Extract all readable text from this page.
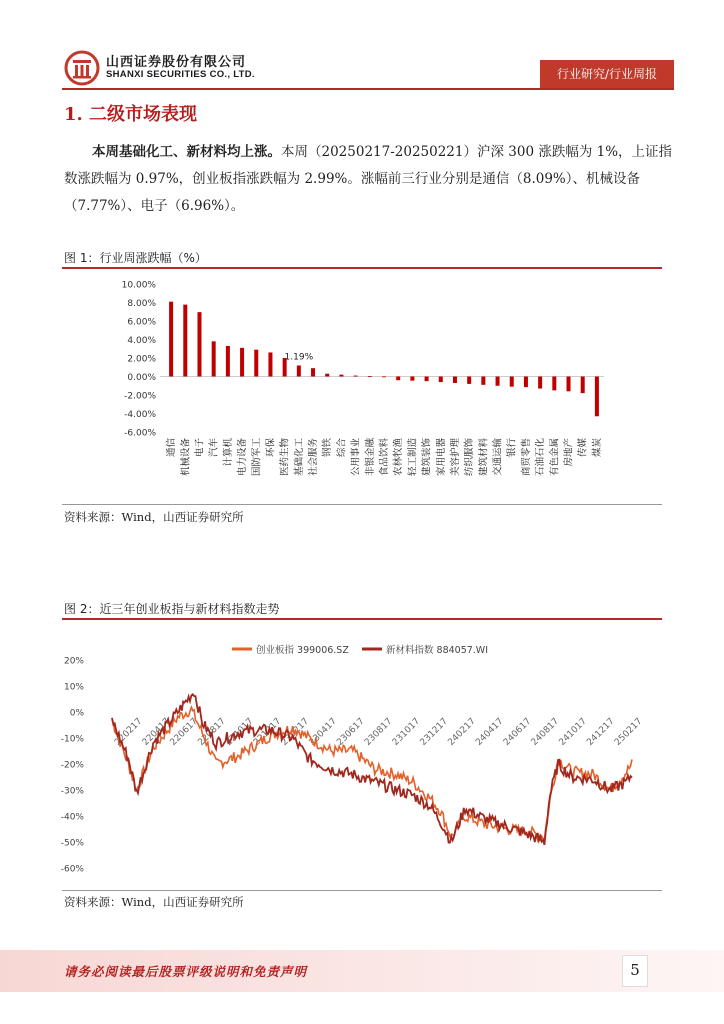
山西证券股份有限公司
SHANXI SECURITIES CO., LTD.	行业研究/行业周报
1. 二级市场表现
本周基础化工、新材料均上涨。本周（20250217-20250221）沪深 300 涨跌幅为 1%，上证指数涨跌幅为 0.97%，创业板指涨跌幅为 2.99%。涨幅前三行业分别是通信（8.09%）、机械设备（7.77%）、电子（6.96%）。
图 1：行业周涨跌幅（%）
10.00%
8.00%
6.00%
4.00%
2.00%
0.00%
-2.00%
-4.00%
-6.00%
通信 机械设备 电子 汽车 计算机 电力设备 国防军工 环保 医药生物 基础化工
1.19%
社会服务 钢铁 综合 公用事业 非银金融 食品饮料 农林牧渔 轻工制造 建筑装饰 家用电器 美容护理 纺织服饰 建筑材料 交通运输 银行 商贸零售 石油石化 有色金属 房地产 传媒 煤炭
资料来源：Wind，山西证券研究所
图 2：近三年创业板指与新材料指数走势
20%
10%
0%
-10%
-20%
-30%
-40%
-50%
-60%
创业板指 399006.SZ	新材料指数 884057.WI
220217
220417
220617
220817
221017
221217
230217
230417
230617
230817
231017
231217
240217
240417
240617
240817
241017
241217
250217
资料来源：Wind，山西证券研究所
请务必阅读最后股票评级说明和免责声明	5
